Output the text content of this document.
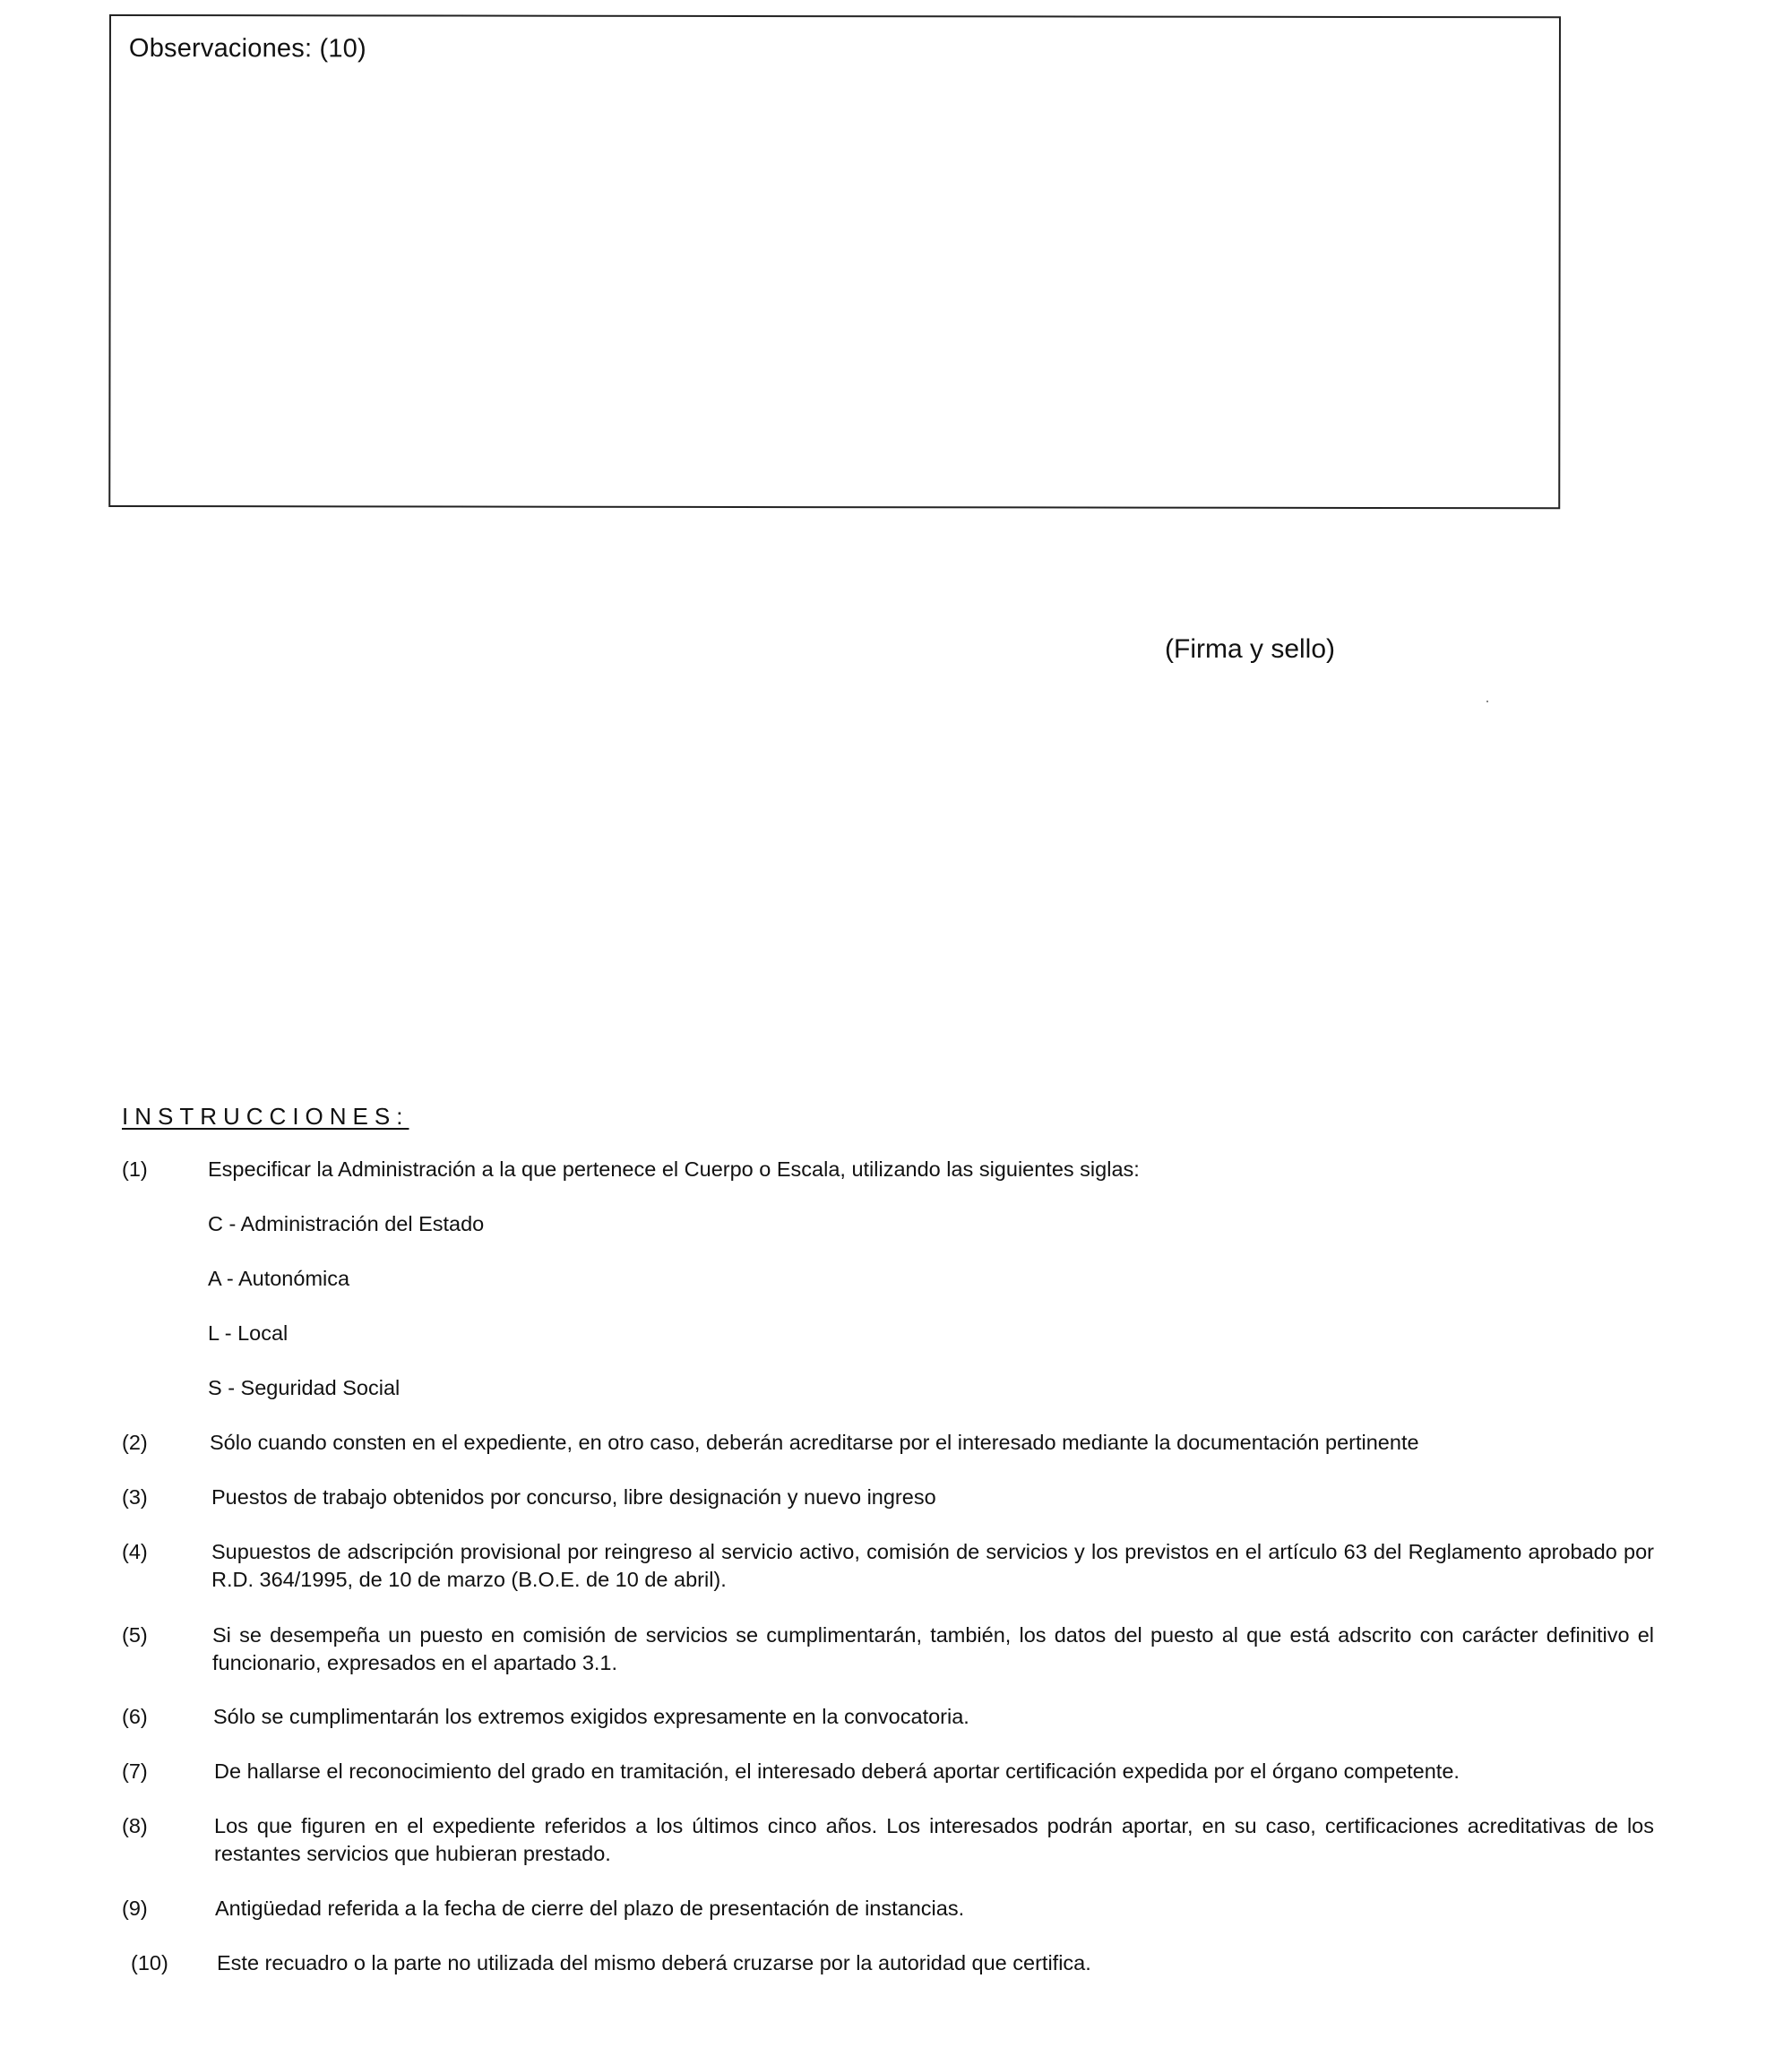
Observaciones: (10)
(Firma y sello)
INSTRUCCIONES:
(1)	Especificar la Administración a la que pertenece el Cuerpo o Escala, utilizando las siguientes siglas:
C - Administración del Estado
A - Autonómica
L - Local
S - Seguridad Social
(2)	Sólo cuando consten en el expediente, en otro caso, deberán acreditarse por el interesado mediante la documentación pertinente
(3)	Puestos de trabajo obtenidos por concurso, libre designación y nuevo ingreso
(4)	Supuestos de adscripción provisional por reingreso al servicio activo, comisión de servicios y los previstos en el artículo 63 del Reglamento aprobado por R.D. 364/1995, de 10 de marzo (B.O.E. de 10 de abril).
(5)	Si se desempeña un puesto en comisión de servicios se cumplimentarán, también, los datos del puesto al que está adscrito con carácter definitivo el funcionario, expresados en el apartado 3.1.
(6)	Sólo se cumplimentarán los extremos exigidos expresamente en la convocatoria.
(7)	De hallarse el reconocimiento del grado en tramitación, el interesado deberá aportar certificación expedida por el órgano competente.
(8)	Los que figuren en el expediente referidos a los últimos cinco años. Los interesados podrán aportar, en su caso, certificaciones acreditativas de los restantes servicios que hubieran prestado.
(9)	Antigüedad referida a la fecha de cierre del plazo de presentación de instancias.
(10) Este recuadro o la parte no utilizada del mismo deberá cruzarse por la autoridad que certifica.
